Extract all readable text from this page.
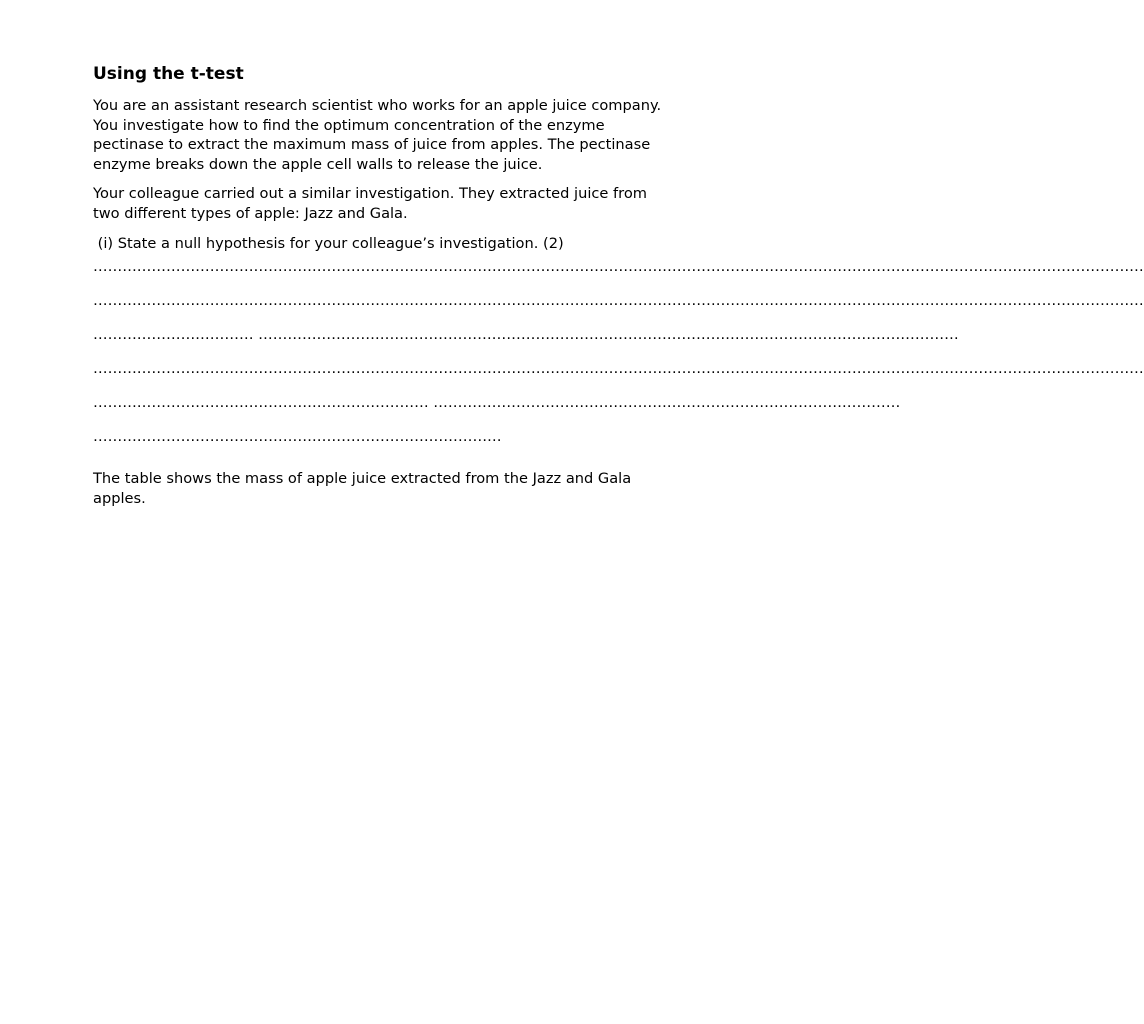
Using the t-test

You are an assistant research scientist who works for an apple juice company. You investigate how to find the optimum concentration of the enzyme pectinase to extract the maximum mass of juice from apples. The pectinase enzyme breaks down the apple cell walls to release the juice.

Your colleague carried out a similar investigation. They extracted juice from two different types of apple: Jazz and Gala.

(i) State a null hypothesis for your colleague’s investigation. (2)
………………………………………………………………………………………………………………………………………………………………………………………………
………………………………………………………………………………………………………………………………………………………………………………………………
…………………………… ………………………………………………………………………………………………………………………………
………………………………………………………………………………………………………………………………………………………………………………………………
…………………………………………………………… ……………………………………………………………………………………
…………………………………………………………………………

The table shows the mass of apple juice extracted from the Jazz and Gala apples.
